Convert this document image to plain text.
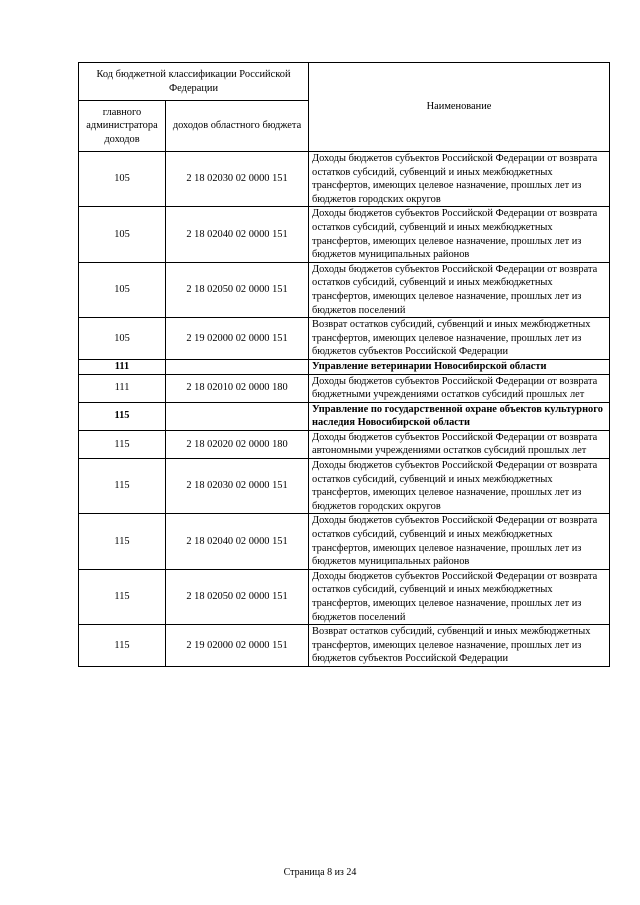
Код бюджетной классификации Российской Федерации		Наименование
главного администратора доходов	доходов областного бюджета	
105	2 18 02030 02 0000 151	Доходы бюджетов субъектов Российской Федерации от возврата остатков субсидий, субвенций и иных межбюджетных трансфертов, имеющих целевое назначение, прошлых лет из бюджетов городских округов
105	2 18 02040 02 0000 151	Доходы бюджетов субъектов Российской Федерации от возврата остатков субсидий, субвенций и иных межбюджетных трансфертов, имеющих целевое назначение, прошлых лет из бюджетов муниципальных районов
105	2 18 02050 02 0000 151	Доходы бюджетов субъектов Российской Федерации от возврата остатков субсидий, субвенций и иных межбюджетных трансфертов, имеющих целевое назначение, прошлых лет из бюджетов поселений
105	2 19 02000 02 0000 151	Возврат остатков субсидий, субвенций и иных межбюджетных трансфертов, имеющих целевое назначение, прошлых лет из бюджетов субъектов Российской Федерации
111		Управление ветеринарии Новосибирской области
111	2 18 02010 02 0000 180	Доходы бюджетов субъектов Российской Федерации от возврата бюджетными учреждениями остатков субсидий прошлых лет
115		Управление по государственной охране объектов культурного наследия Новосибирской области
115	2 18 02020 02 0000 180	Доходы бюджетов субъектов Российской Федерации от возврата автономными учреждениями остатков субсидий прошлых лет
115	2 18 02030 02 0000 151	Доходы бюджетов субъектов Российской Федерации от возврата остатков субсидий, субвенций и иных межбюджетных трансфертов, имеющих целевое назначение, прошлых лет из бюджетов городских округов
115	2 18 02040 02 0000 151	Доходы бюджетов субъектов Российской Федерации от возврата остатков субсидий, субвенций и иных межбюджетных трансфертов, имеющих целевое назначение, прошлых лет из бюджетов муниципальных районов
115	2 18 02050 02 0000 151	Доходы бюджетов субъектов Российской Федерации от возврата остатков субсидий, субвенций и иных межбюджетных трансфертов, имеющих целевое назначение, прошлых лет из бюджетов поселений
115	2 19 02000 02 0000 151	Возврат остатков субсидий, субвенций и иных межбюджетных трансфертов, имеющих целевое назначение, прошлых лет из бюджетов субъектов Российской Федерации
Страница 8 из 24
